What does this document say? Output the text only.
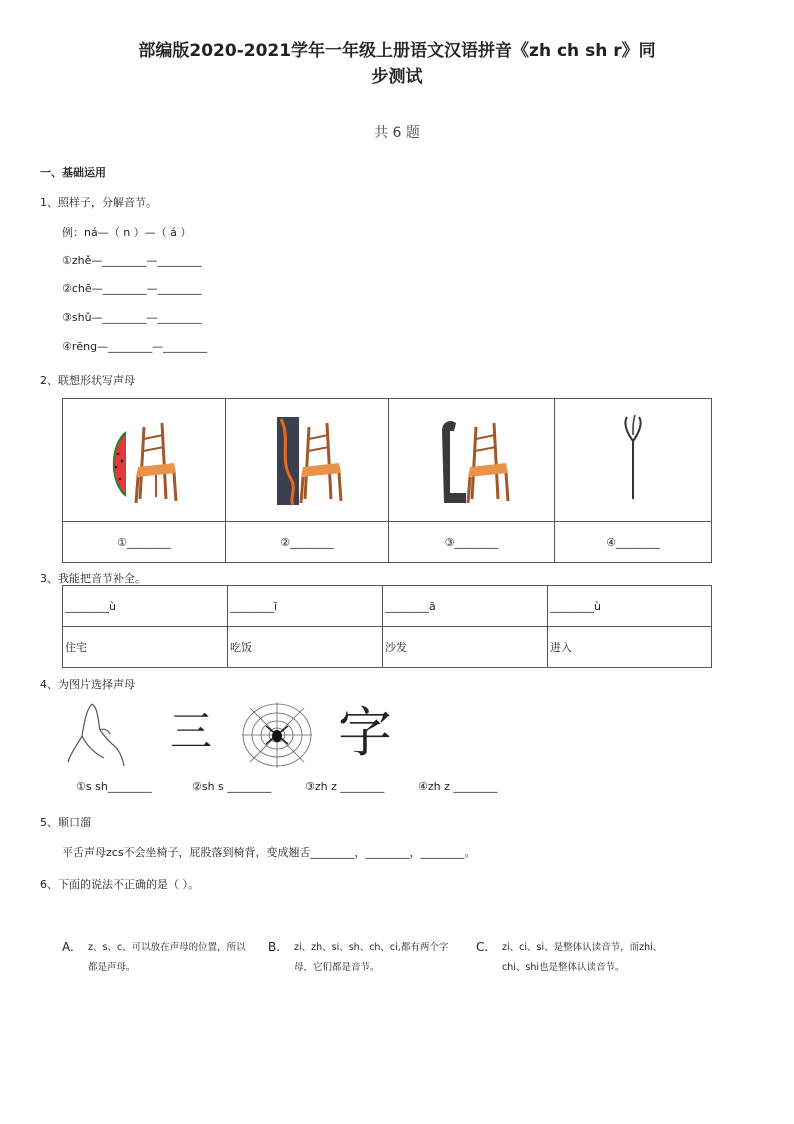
部编版2020-2021学年一年级上册语文汉语拼音《zh ch sh r》同
步测试
共 6 题
一、基础运用
1、照样子，分解音节。
例：ná—（ n ）—（ á ）
①zhě—________—________
②chē—________—________
③shǔ—________—________
④rēng—________—________
2、联想形状写声母

①________	②________	③________	④________
3、我能把音节补全。
________ù	________ī	________ā	________ù
住宅	吃饭	沙发	进入
4、为图片选择声母
三 字
①s sh________	②sh s ________	③zh z ________	④zh z ________
5、顺口溜
平舌声母zcs不会坐椅子，屁股落到椅背，变成翘舌________，________，________。
6、下面的说法不正确的是（ ）。
A. z、s、c、可以放在声母的位置，所以
都是声母。
B. zi、zh、si、sh、ch、ci,都有两个字
母，它们都是音节。
C. zi、ci、si、是整体认读音节，而zhi、
chi、shi也是整体认读音节。
